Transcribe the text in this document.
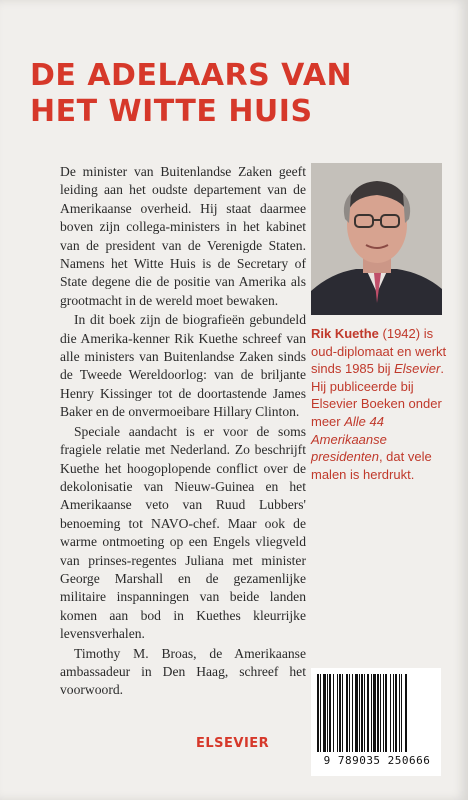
DE ADELAARS VAN
HET WITTE HUIS

De minister van Buitenlandse Zaken geeft leiding aan het oudste departement van de Amerikaanse overheid. Hij staat daarmee boven zijn collega-ministers in het kabinet van de president van de Verenigde Staten. Namens het Witte Huis is de Secretary of State degene die de positie van Amerika als grootmacht in de wereld moet bewaken.

In dit boek zijn de biografieën gebundeld die Amerika-kenner Rik Kuethe schreef van alle ministers van Buitenlandse Zaken sinds de Tweede Wereldoorlog: van de briljante Henry Kissinger tot de doortastende James Baker en de onvermoeibare Hillary Clinton.

Speciale aandacht is er voor de soms fragiele relatie met Nederland. Zo beschrijft Kuethe het hoogoplopende conflict over de dekolonisatie van Nieuw-Guinea en het Amerikaanse veto van Ruud Lubbers' benoeming tot NAVO-chef. Maar ook de warme ontmoeting op een Engels vliegveld van prinses-regentes Juliana met minister George Marshall en de gezamenlijke militaire inspanningen van beide landen komen aan bod in Kuethes kleurrijke levensverhalen.

Timothy M. Broas, de Amerikaanse ambassadeur in Den Haag, schreef het voorwoord.

Rik Kuethe (1942) is oud-diplomaat en werkt sinds 1985 bij Elsevier. Hij publiceerde bij Elsevier Boeken onder meer Alle 44 Amerikaanse presidenten, dat vele malen is herdrukt.
ELSEVIER
9 789035 250666
